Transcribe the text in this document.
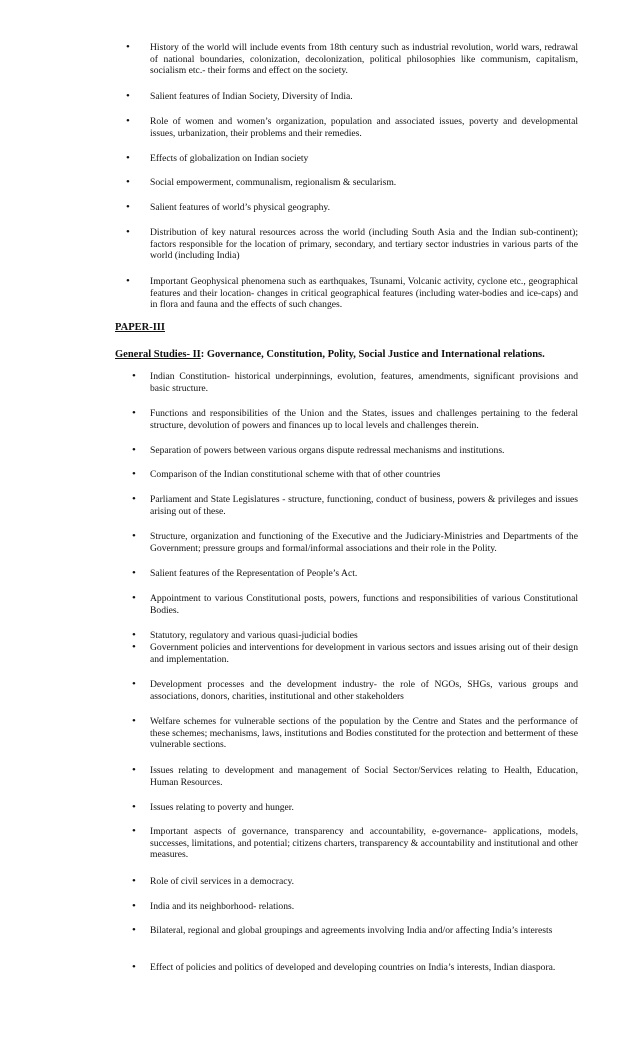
• History of the world will include events from 18th century such as industrial revolution, world wars, redrawal of national boundaries, colonization, decolonization, political philosophies like communism, capitalism, socialism etc.- their forms and effect on the society.
• Salient features of Indian Society, Diversity of India.
• Role of women and women’s organization, population and associated issues, poverty and developmental issues, urbanization, their problems and their remedies.
• Effects of globalization on Indian society
• Social empowerment, communalism, regionalism & secularism.
• Salient features of world’s physical geography.
• Distribution of key natural resources across the world (including South Asia and the Indian sub-continent); factors responsible for the location of primary, secondary, and tertiary sector industries in various parts of the world (including India)
• Important Geophysical phenomena such as earthquakes, Tsunami, Volcanic activity, cyclone etc., geographical features and their location- changes in critical geographical features (including water-bodies and ice-caps) and in flora and fauna and the effects of such changes.
PAPER-III
General Studies- II: Governance, Constitution, Polity, Social Justice and International relations.
• Indian Constitution- historical underpinnings, evolution, features, amendments, significant provisions and basic structure.
• Functions and responsibilities of the Union and the States, issues and challenges pertaining to the federal structure, devolution of powers and finances up to local levels and challenges therein.
• Separation of powers between various organs dispute redressal mechanisms and institutions.
• Comparison of the Indian constitutional scheme with that of other countries
• Parliament and State Legislatures - structure, functioning, conduct of business, powers & privileges and issues arising out of these.
• Structure, organization and functioning of the Executive and the Judiciary-Ministries and Departments of the Government; pressure groups and formal/informal associations and their role in the Polity.
• Salient features of the Representation of People’s Act.
• Appointment to various Constitutional posts, powers, functions and responsibilities of various Constitutional Bodies.
• Statutory, regulatory and various quasi-judicial bodies
• Government policies and interventions for development in various sectors and issues arising out of their design and implementation.
• Development processes and the development industry- the role of NGOs, SHGs, various groups and associations, donors, charities, institutional and other stakeholders
• Welfare schemes for vulnerable sections of the population by the Centre and States and the performance of these schemes; mechanisms, laws, institutions and Bodies constituted for the protection and betterment of these vulnerable sections.
• Issues relating to development and management of Social Sector/Services relating to Health, Education, Human Resources.
• Issues relating to poverty and hunger.
• Important aspects of governance, transparency and accountability, e-governance- applications, models, successes, limitations, and potential; citizens charters, transparency & accountability and institutional and other measures.
• Role of civil services in a democracy.
• India and its neighborhood- relations.
• Bilateral, regional and global groupings and agreements involving India and/or affecting India’s interests
• Effect of policies and politics of developed and developing countries on India’s interests, Indian diaspora.
